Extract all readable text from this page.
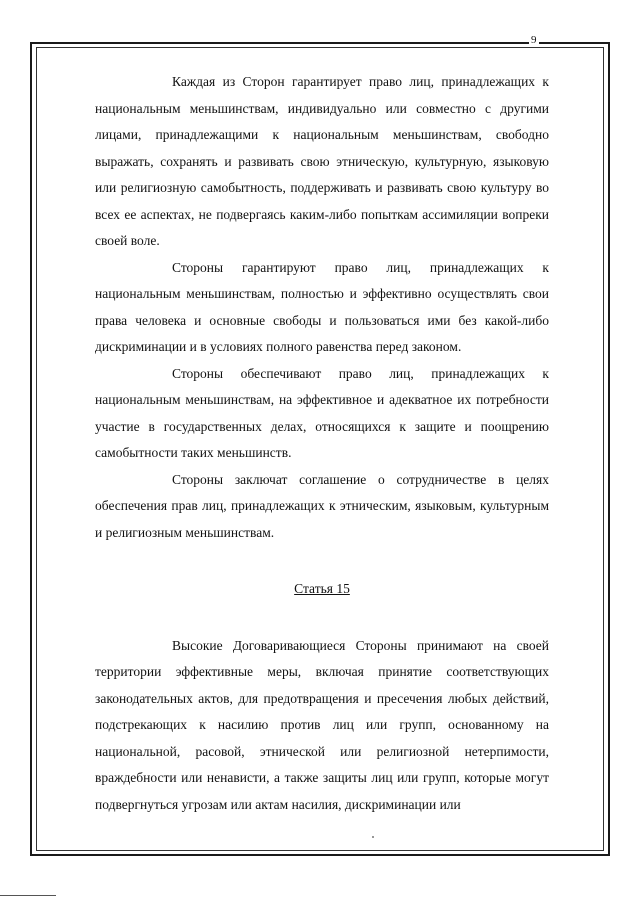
9

Каждая из Сторон гарантирует право лиц, принадлежащих к национальным меньшинствам, индивидуально или совместно с другими лицами, принадлежащими к национальным меньшинствам, свободно выражать, сохранять и развивать свою этническую, культурную, языковую или религиозную самобытность, поддерживать и развивать свою культуру во всех ее аспектах, не подвергаясь каким-либо попыткам ассимиляции вопреки своей воле.

Стороны гарантируют право лиц, принадлежащих к национальным меньшинствам, полностью и эффективно осуществлять свои права человека и основные свободы и пользоваться ими без какой-либо дискриминации и в условиях полного равенства перед законом.

Стороны обеспечивают право лиц, принадлежащих к национальным меньшинствам, на эффективное и адекватное их потребности участие в государственных делах, относящихся к защите и поощрению самобытности таких меньшинств.

Стороны заключат соглашение о сотрудничестве в целях обеспечения прав лиц, принадлежащих к этническим, языковым, культурным и религиозным меньшинствам.

Статья 15

Высокие Договаривающиеся Стороны принимают на своей территории эффективные меры, включая принятие соответствующих законодательных актов, для предотвращения и пресечения любых действий, подстрекающих к насилию против лиц или групп, основанному на национальной, расовой, этнической или религиозной нетерпимости, враждебности или ненависти, а также защиты лиц или групп, которые могут подвергнуться угрозам или актам насилия, дискриминации или
